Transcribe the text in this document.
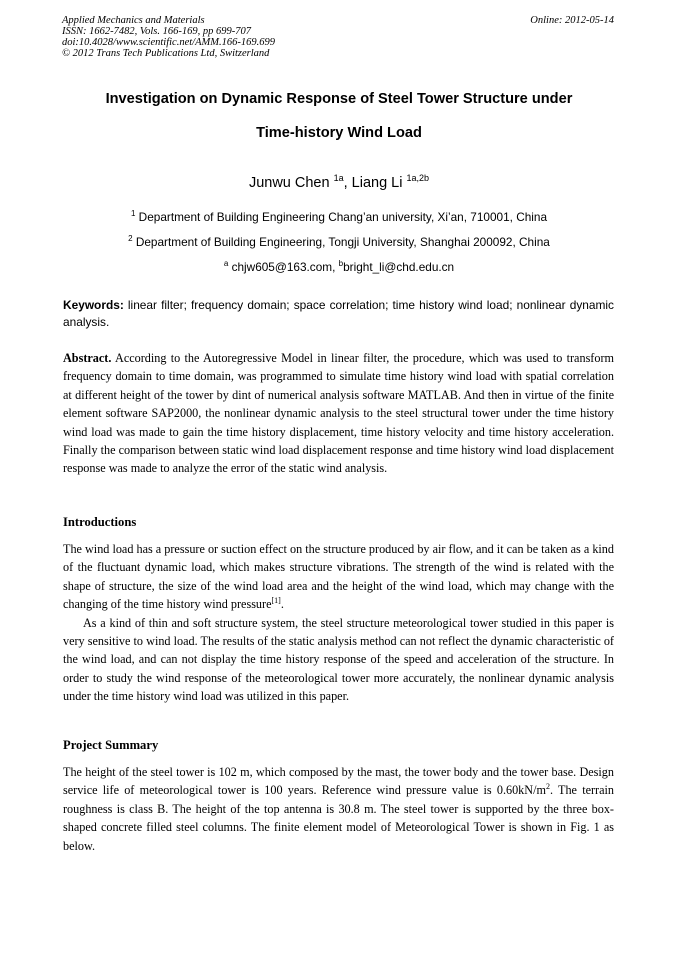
Applied Mechanics and Materials
ISSN: 1662-7482, Vols. 166-169, pp 699-707
doi:10.4028/www.scientific.net/AMM.166-169.699
© 2012 Trans Tech Publications Ltd, Switzerland
Online: 2012-05-14
Investigation on Dynamic Response of Steel Tower Structure under
Time-history Wind Load
Junwu Chen $^{1a}$, Liang Li $^{1a,2b}$
$^1$ Department of Building Engineering Chang’an university, Xi’an, 710001, China
$^2$ Department of Building Engineering, Tongji University, Shanghai 200092, China
$^a$ chjw605@163.com, $^b$bright_li@chd.edu.cn
Keywords: linear filter; frequency domain; space correlation; time history wind load; nonlinear dynamic analysis.
Abstract. According to the Autoregressive Model in linear filter, the procedure, which was used to transform frequency domain to time domain, was programmed to simulate time history wind load with spatial correlation at different height of the tower by dint of numerical analysis software MATLAB. And then in virtue of the finite element software SAP2000, the nonlinear dynamic analysis to the steel structural tower under the time history wind load was made to gain the time history displacement, time history velocity and time history acceleration. Finally the comparison between static wind load displacement response and time history wind load displacement response was made to analyze the error of the static wind analysis.
Introductions

The wind load has a pressure or suction effect on the structure produced by air flow, and it can be taken as a kind of the fluctuant dynamic load, which makes structure vibrations. The strength of the wind is related with the shape of structure, the size of the wind load area and the height of the wind load, which may change with the changing of the time history wind pressure[1].

As a kind of thin and soft structure system, the steel structure meteorological tower studied in this paper is very sensitive to wind load. The results of the static analysis method can not reflect the dynamic characteristic of the wind load, and can not display the time history response of the speed and acceleration of the structure. In order to study the wind response of the meteorological tower more accurately, the nonlinear dynamic analysis under the time history wind load was utilized in this paper.

Project Summary
The height of the steel tower is 102 m, which composed by the mast, the tower body and the tower base. Design service life of meteorological tower is 100 years. Reference wind pressure value is $0.60kN/m^2$. The terrain roughness is class B. The height of the top antenna is 30.8 m. The steel tower is supported by the three box-shaped concrete filled steel columns. The finite element model of Meteorological Tower is shown in Fig. 1 as below.
